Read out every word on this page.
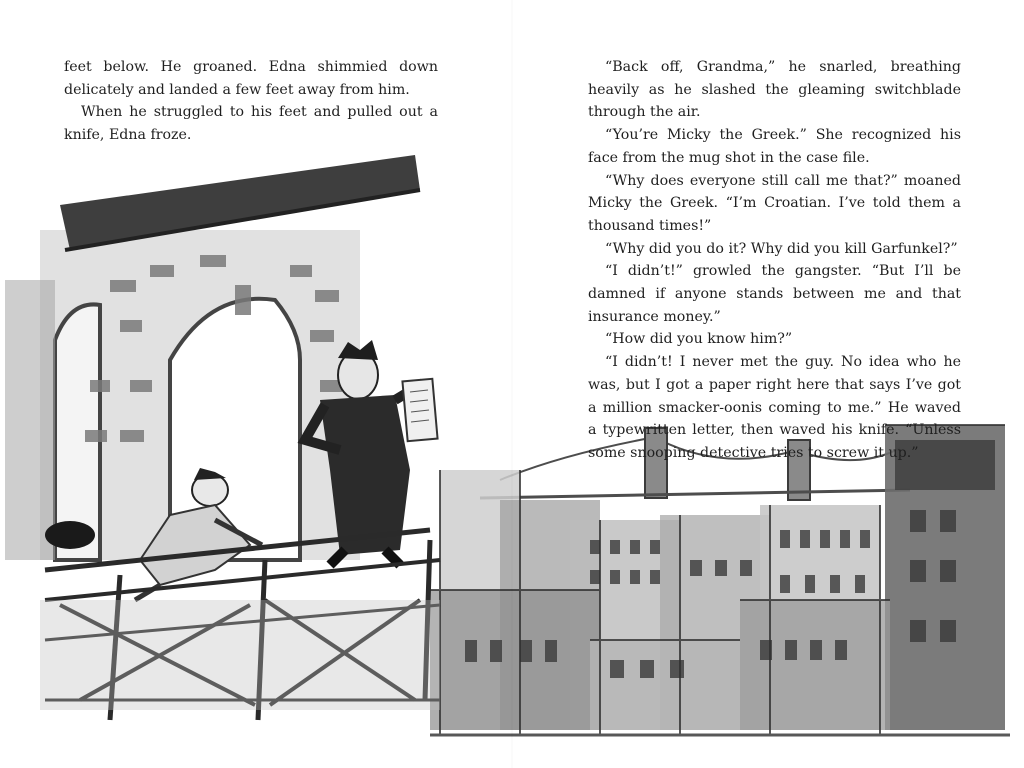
feet below. He groaned. Edna shimmied down delicately and landed a few feet away from him.

When he struggled to his feet and pulled out a knife, Edna froze.

“Back off, Grandma,” he snarled, breathing heavily as he slashed the gleaming switchblade through the air.

“You’re Micky the Greek.” She recognized his face from the mug shot in the case file.

“Why does everyone still call me that?” moaned Micky the Greek. “I’m Croatian. I’ve told them a thousand times!”

“Why did you do it? Why did you kill Garfunkel?”

“I didn’t!” growled the gangster. “But I’ll be damned if anyone stands between me and that insurance money.”

“How did you know him?”

“I didn’t! I never met the guy. No idea who he was, but I got a paper right here that says I’ve got a million smacker-oonis coming to me.” He waved a typewritten letter, then waved his knife. “Unless some snooping detective tries to screw it up.”
